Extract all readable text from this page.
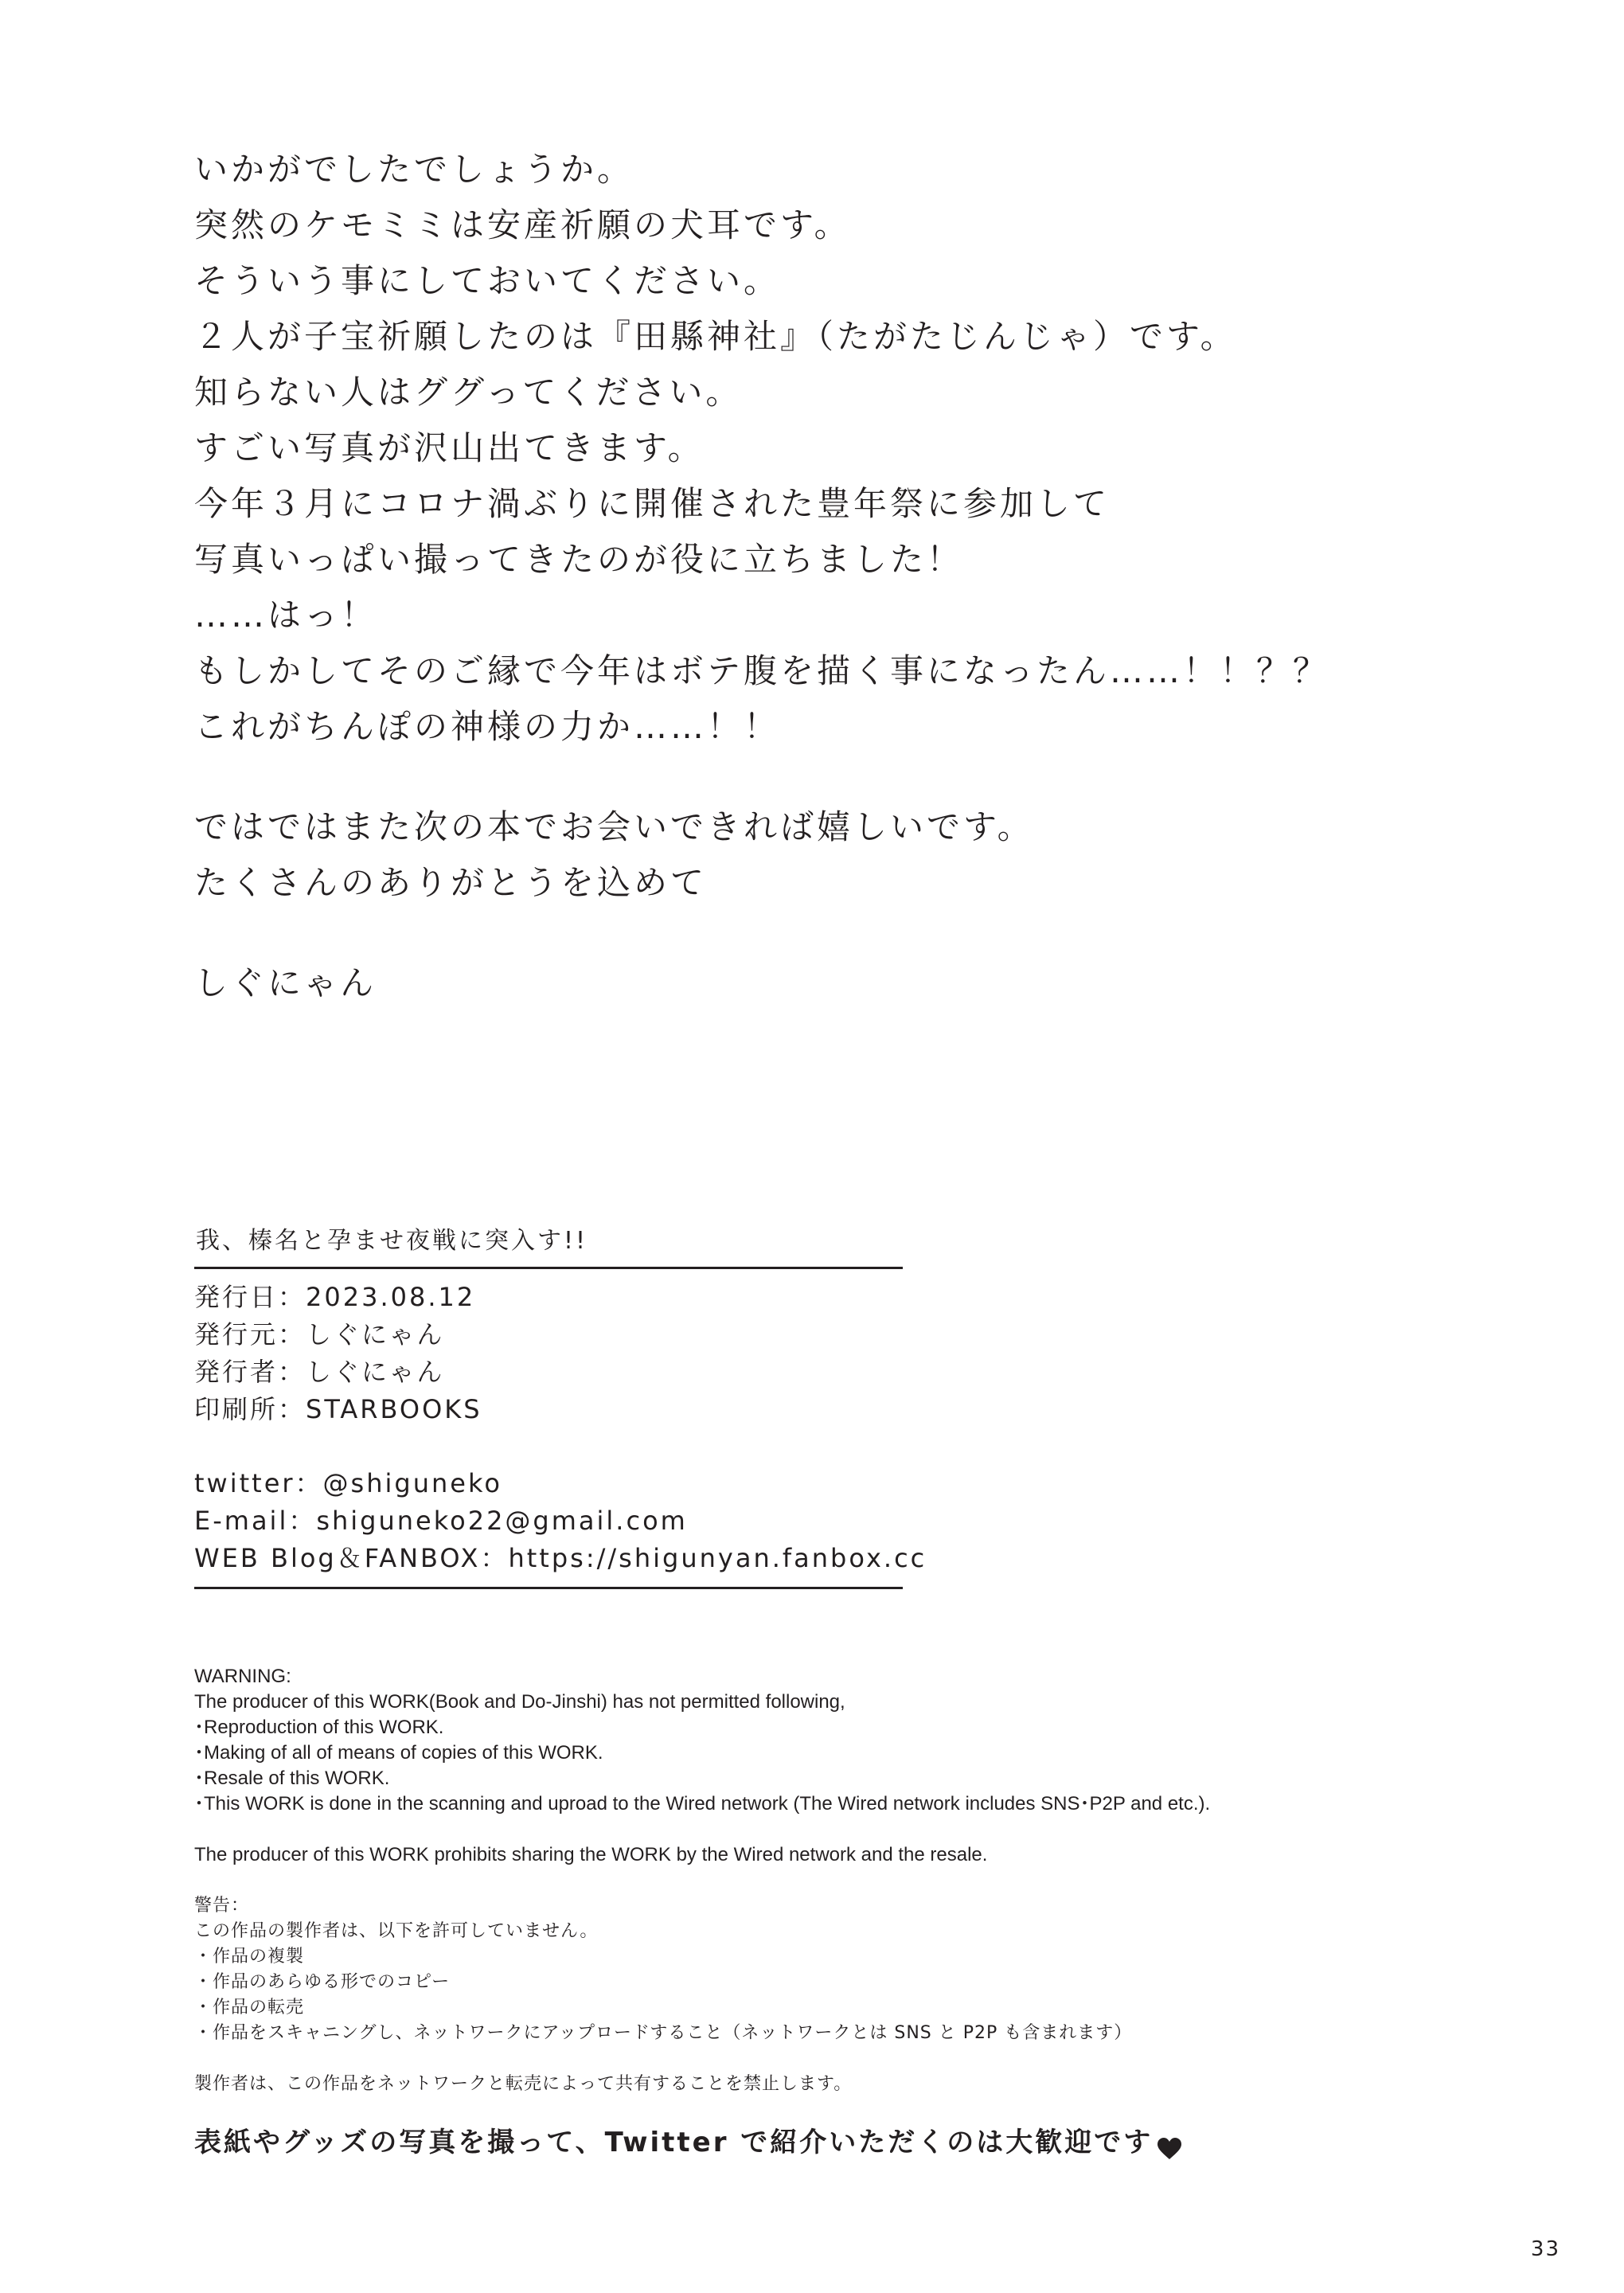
いかがでしたでしょうか。

突然のケモミミは安産祈願の犬耳です。

そういう事にしておいてください。

２人が子宝祈願したのは『田縣神社』（たがたじんじゃ）です。

知らない人はググってください。

すごい写真が沢山出てきます。

今年３月にコロナ渦ぶりに開催された豊年祭に参加して

写真いっぱい撮ってきたのが役に立ちました！

……はっ！

もしかしてそのご縁で今年はボテ腹を描く事になったん……！！？？

これがちんぽの神様の力か……！！

ではではまた次の本でお会いできれば嬉しいです。

たくさんのありがとうを込めて

しぐにゃん

我、榛名と孕ませ夜戦に突入す!!

発行日：2023.08.12

発行元：しぐにゃん

発行者：しぐにゃん

印刷所：STARBOOKS

twitter：@shiguneko

E-mail：shiguneko22@gmail.com

WEB Blog＆FANBOX：https://shigunyan.fanbox.cc

WARNING:

The producer of this WORK(Book and Do-Jinshi) has not permitted following,

･Reproduction of this WORK.

･Making of all of means of copies of this WORK.

･Resale of this WORK.

･This WORK is done in the scanning and uproad to the Wired network (The Wired network includes SNS･P2P and etc.).

The producer of this WORK prohibits sharing the WORK by the Wired network and the resale.

警告：

この作品の製作者は、以下を許可していません。

・作品の複製

・作品のあらゆる形でのコピー

・作品の転売

・作品をスキャニングし、ネットワークにアップロードすること（ネットワークとは SNS と P2P も含まれます）

製作者は、この作品をネットワークと転売によって共有することを禁止します。

表紙やグッズの写真を撮って、Twitter で紹介いただくのは大歓迎です
33
